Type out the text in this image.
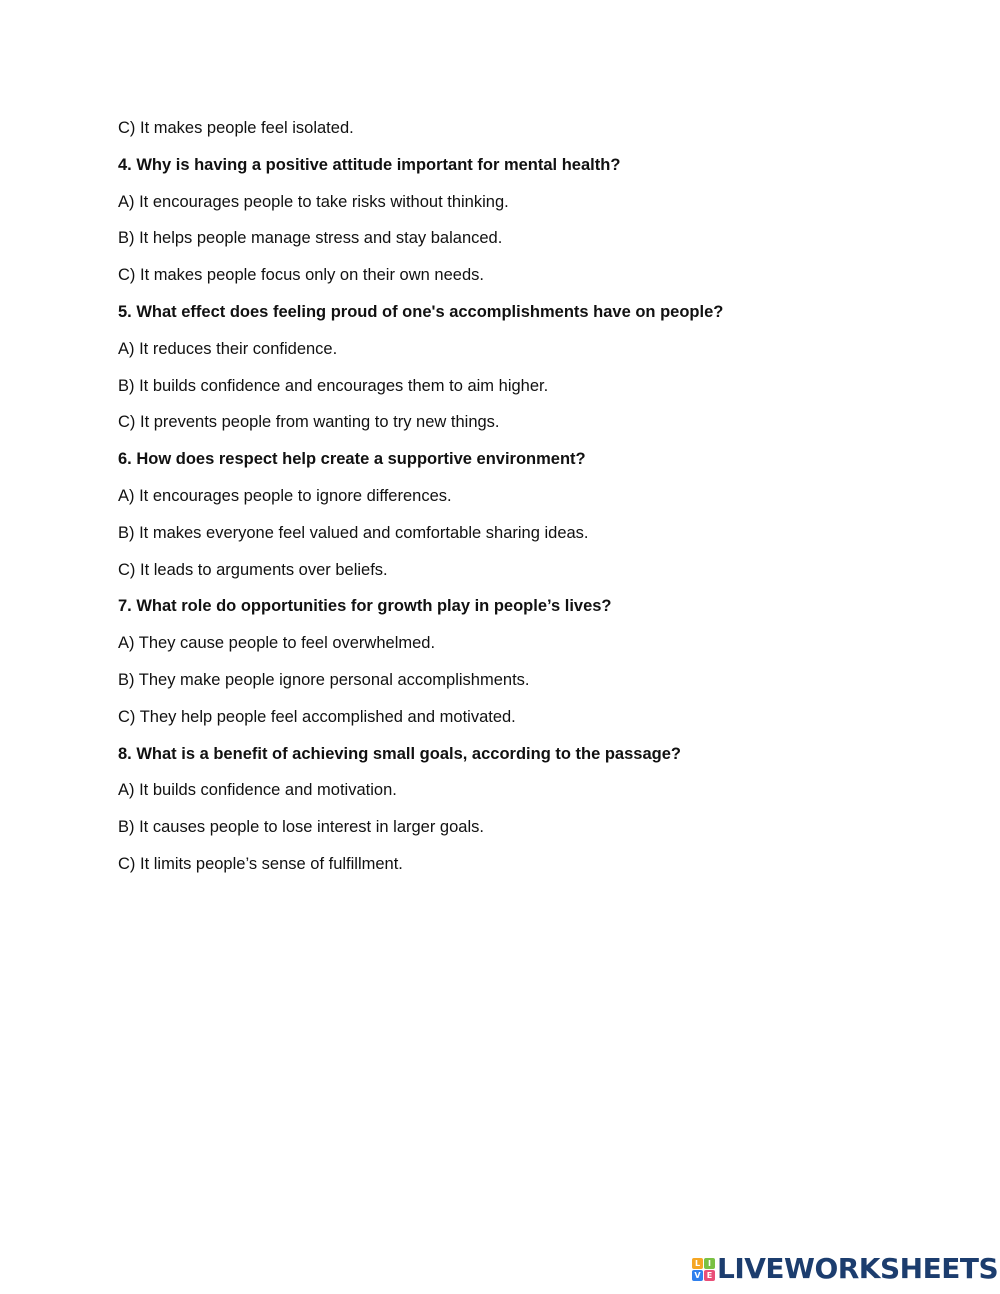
C) It makes people feel isolated.
4. Why is having a positive attitude important for mental health?
A) It encourages people to take risks without thinking.
B) It helps people manage stress and stay balanced.
C) It makes people focus only on their own needs.
5. What effect does feeling proud of one's accomplishments have on people?
A) It reduces their confidence.
B) It builds confidence and encourages them to aim higher.
C) It prevents people from wanting to try new things.
6. How does respect help create a supportive environment?
A) It encourages people to ignore differences.
B) It makes everyone feel valued and comfortable sharing ideas.
C) It leads to arguments over beliefs.
7. What role do opportunities for growth play in people’s lives?
A) They cause people to feel overwhelmed.
B) They make people ignore personal accomplishments.
C) They help people feel accomplished and motivated.
8. What is a benefit of achieving small goals, according to the passage?
A) It builds confidence and motivation.
B) It causes people to lose interest in larger goals.
C) It limits people’s sense of fulfillment.
L I
V E LIVEWORKSHEETS
